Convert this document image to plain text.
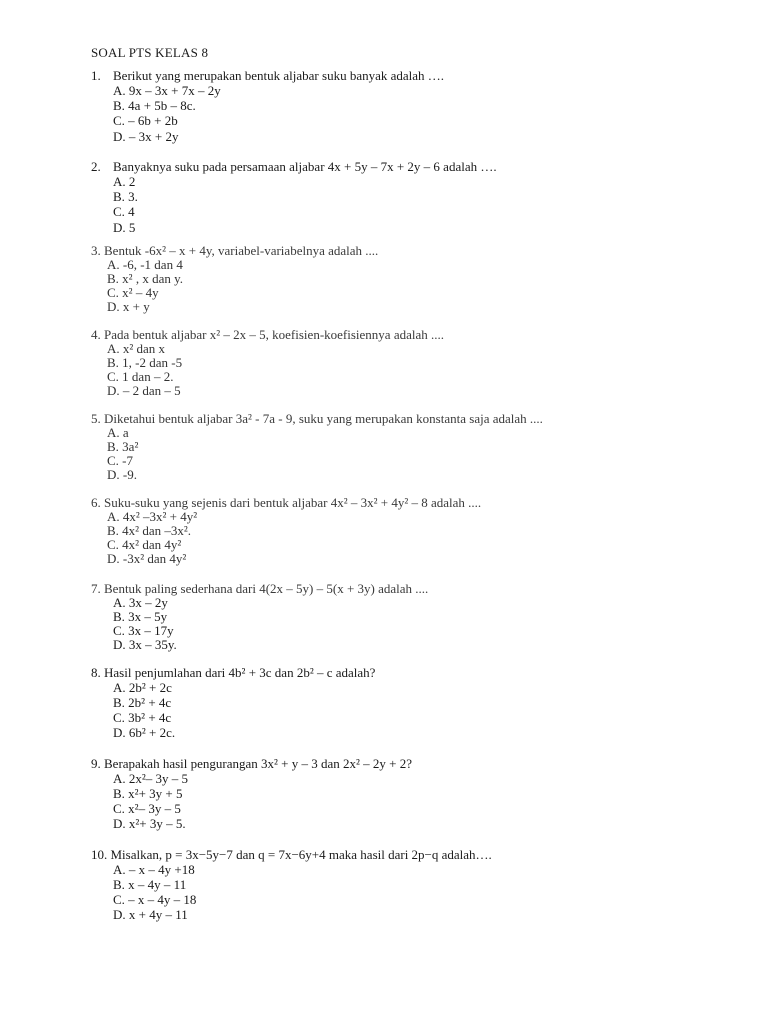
SOAL PTS KELAS 8
1. Berikut yang merupakan bentuk aljabar suku banyak adalah ….
A. 9x – 3x + 7x – 2y
B. 4a + 5b – 8c.
C. – 6b + 2b
D. – 3x + 2y
2. Banyaknya suku pada persamaan aljabar 4x + 5y – 7x + 2y – 6 adalah ….
A. 2
B. 3.
C. 4
D. 5
3. Bentuk -6x² – x + 4y, variabel-variabelnya adalah ....
A. -6, -1 dan 4
B. x² , x dan y.
C. x² – 4y
D. x + y
4. Pada bentuk aljabar x² – 2x – 5, koefisien-koefisiennya adalah ....
A. x² dan x
B. 1, -2 dan -5
C. 1 dan – 2.
D. – 2 dan – 5
5. Diketahui bentuk aljabar 3a² - 7a - 9, suku yang merupakan konstanta saja adalah ....
A. a
B. 3a²
C. -7
D. -9.
6. Suku-suku yang sejenis dari bentuk aljabar 4x² – 3x² + 4y² – 8 adalah ....
A. 4x² –3x² + 4y²
B. 4x² dan –3x².
C. 4x² dan 4y²
D. -3x² dan 4y²
7. Bentuk paling sederhana dari 4(2x – 5y) – 5(x + 3y) adalah ....
A. 3x – 2y
B. 3x – 5y
C. 3x – 17y
D. 3x – 35y.
8. Hasil penjumlahan dari 4b² + 3c dan 2b² – c adalah?
A. 2b² + 2c
B. 2b² + 4c
C. 3b² + 4c
D. 6b² + 2c.
9. Berapakah hasil pengurangan 3x² + y – 3 dan 2x² – 2y + 2?
A. 2x²– 3y – 5
B. x²+ 3y + 5
C. x²– 3y – 5
D. x²+ 3y – 5.
10. Misalkan, p = 3x−5y−7 dan q = 7x−6y+4 maka hasil dari 2p−q adalah….
A. – x – 4y +18
B. x – 4y – 11
C. – x – 4y – 18
D. x + 4y – 11
